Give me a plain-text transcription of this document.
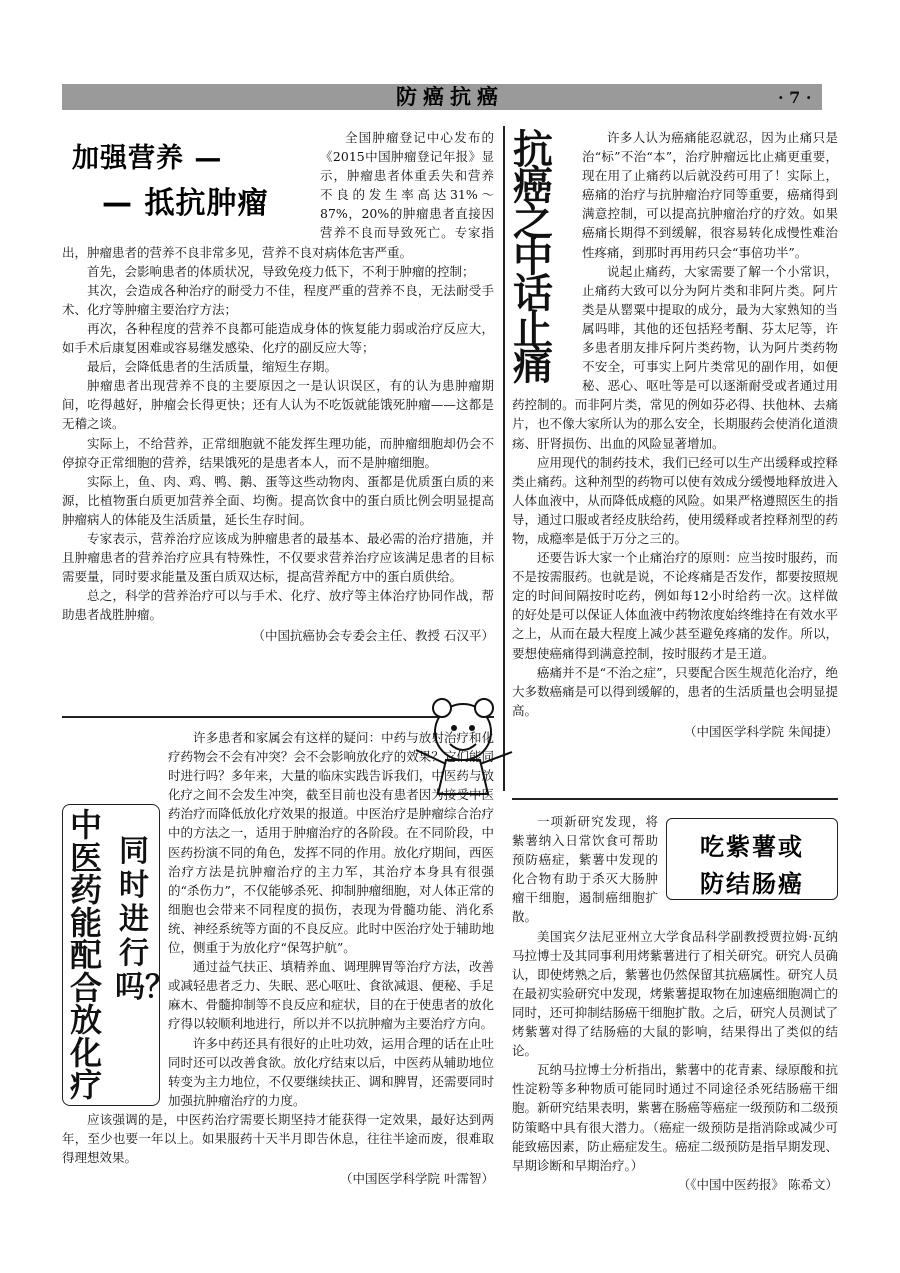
防癌抗癌	· 7 ·
加强营养 —
— 抵抗肿瘤

全国肿瘤登记中心发布的《2015中国肿瘤登记年报》显示，肿瘤患者体重丢失和营养不良的发生率高达31%～87%，20%的肿瘤患者直接因营养不良而导致死亡。专家指出，肿瘤患者的营养不良非常多见，营养不良对病体危害严重。

首先，会影响患者的体质状况，导致免疫力低下，不利于肿瘤的控制；

其次，会造成各种治疗的耐受力不佳，程度严重的营养不良，无法耐受手术、化疗等肿瘤主要治疗方法；

再次，各种程度的营养不良都可能造成身体的恢复能力弱或治疗反应大，如手术后康复困难或容易继发感染、化疗的副反应大等；

最后，会降低患者的生活质量，缩短生存期。

肿瘤患者出现营养不良的主要原因之一是认识误区，有的认为患肿瘤期间，吃得越好，肿瘤会长得更快；还有人认为不吃饭就能饿死肿瘤——这都是无稽之谈。

实际上，不给营养，正常细胞就不能发挥生理功能，而肿瘤细胞却仍会不停掠夺正常细胞的营养，结果饿死的是患者本人，而不是肿瘤细胞。

实际上，鱼、肉、鸡、鸭、鹅、蛋等这些动物肉、蛋都是优质蛋白质的来源，比植物蛋白质更加营养全面、均衡。提高饮食中的蛋白质比例会明显提高肿瘤病人的体能及生活质量，延长生存时间。

专家表示，营养治疗应该成为肿瘤患者的最基本、最必需的治疗措施，并且肿瘤患者的营养治疗应具有特殊性，不仅要求营养治疗应该满足患者的目标需要量，同时要求能量及蛋白质双达标，提高营养配方中的蛋白质供给。

总之，科学的营养治疗可以与手术、化疗、放疗等主体治疗协同作战，帮助患者战胜肿瘤。

（中国抗癌协会专委会主任、教授 石汉平）
抗癌之中话止痛

许多人认为癌痛能忍就忍，因为止痛只是治“标”不治“本”，治疗肿瘤远比止痛更重要，现在用了止痛药以后就没药可用了！实际上，癌痛的治疗与抗肿瘤治疗同等重要，癌痛得到满意控制，可以提高抗肿瘤治疗的疗效。如果癌痛长期得不到缓解，很容易转化成慢性难治性疼痛，到那时再用药只会“事倍功半”。

说起止痛药，大家需要了解一个小常识，止痛药大致可以分为阿片类和非阿片类。阿片类是从罂粟中提取的成分，最为大家熟知的当属吗啡，其他的还包括羟考酮、芬太尼等，许多患者朋友排斥阿片类药物，认为阿片类药物不安全，可事实上阿片类常见的副作用，如便秘、恶心、呕吐等是可以逐渐耐受或者通过用药控制的。而非阿片类，常见的例如芬必得、扶他林、去痛片，也不像大家所认为的那么安全，长期服药会使消化道溃疡、肝肾损伤、出血的风险显著增加。

应用现代的制药技术，我们已经可以生产出缓释或控释类止痛药。这种剂型的药物可以使有效成分缓慢地释放进入人体血液中，从而降低成瘾的风险。如果严格遵照医生的指导，通过口服或者经皮肤给药，使用缓释或者控释剂型的药物，成瘾率是低于万分之三的。

还要告诉大家一个止痛治疗的原则：应当按时服药，而不是按需服药。也就是说，不论疼痛是否发作，都要按照规定的时间间隔按时吃药，例如每12小时给药一次。这样做的好处是可以保证人体血液中药物浓度始终维持在有效水平之上，从而在最大程度上减少甚至避免疼痛的发作。所以，要想使癌痛得到满意控制，按时服药才是王道。

癌痛并不是“不治之症”，只要配合医生规范化治疗，绝大多数癌痛是可以得到缓解的，患者的生活质量也会明显提高。

（中国医学科学院 朱闻捷）
中医药能配合放化疗
同时进行吗？

许多患者和家属会有这样的疑问：中药与放射治疗和化疗药物会不会有冲突？会不会影响放化疗的效果？它们能同时进行吗？多年来，大量的临床实践告诉我们，中医药与放化疗之间不会发生冲突，截至目前也没有患者因为接受中医药治疗而降低放化疗效果的报道。中医治疗是肿瘤综合治疗中的方法之一，适用于肿瘤治疗的各阶段。在不同阶段，中医药扮演不同的角色，发挥不同的作用。放化疗期间，西医治疗方法是抗肿瘤治疗的主力军，其治疗本身具有很强的“杀伤力”，不仅能够杀死、抑制肿瘤细胞，对人体正常的细胞也会带来不同程度的损伤，表现为骨髓功能、消化系统、神经系统等方面的不良反应。此时中医治疗处于辅助地位，侧重于为放化疗“保驾护航”。

通过益气扶正、填精养血、调理脾胃等治疗方法，改善或减轻患者乏力、失眠、恶心呕吐、食欲减退、便秘、手足麻木、骨髓抑制等不良反应和症状，目的在于使患者的放化疗得以较顺利地进行，所以并不以抗肿瘤为主要治疗方向。

许多中药还具有很好的止吐功效，运用合理的话在止吐同时还可以改善食欲。放化疗结束以后，中医药从辅助地位转变为主力地位，不仅要继续扶正、调和脾胃，还需要同时加强抗肿瘤治疗的力度。

应该强调的是，中医药治疗需要长期坚持才能获得一定效果，最好达到两年，至少也要一年以上。如果服药十天半月即告休息，往往半途而废，很难取得理想效果。

（中国医学科学院 叶霈智）
吃紫薯或
防结肠癌

一项新研究发现，将紫薯纳入日常饮食可帮助预防癌症，紫薯中发现的化合物有助于杀灭大肠肿瘤干细胞，遏制癌细胞扩散。

美国宾夕法尼亚州立大学食品科学副教授贾拉姆·瓦纳马拉博士及其同事利用烤紫薯进行了相关研究。研究人员确认，即使烤熟之后，紫薯也仍然保留其抗癌属性。研究人员在最初实验研究中发现，烤紫薯提取物在加速癌细胞凋亡的同时，还可抑制结肠癌干细胞扩散。之后，研究人员测试了烤紫薯对得了结肠癌的大鼠的影响，结果得出了类似的结论。

瓦纳马拉博士分析指出，紫薯中的花青素、绿原酸和抗性淀粉等多种物质可能同时通过不同途径杀死结肠癌干细胞。新研究结果表明，紫薯在肠癌等癌症一级预防和二级预防策略中具有很大潜力。（癌症一级预防是指消除或减少可能致癌因素，防止癌症发生。癌症二级预防是指早期发现、早期诊断和早期治疗。）

（《中国中医药报》 陈希文）
